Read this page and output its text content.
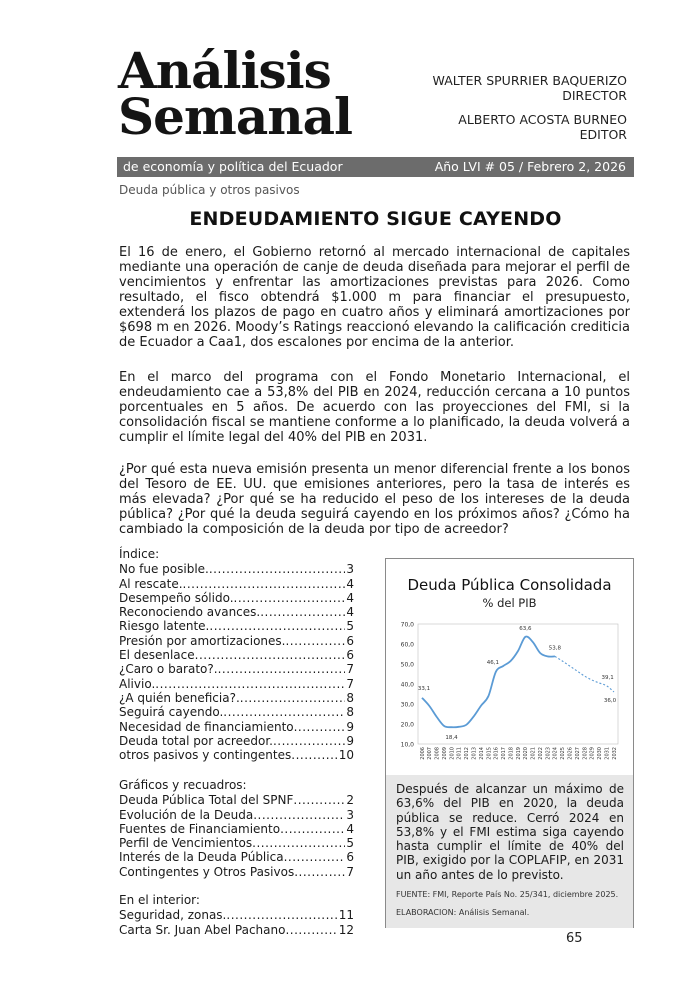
Análisis
Semanal
WALTER SPURRIER BAQUERIZO
DIRECTOR
ALBERTO ACOSTA BURNEO
EDITOR
de economía y política del Ecuador	Año LVI # 05 / Febrero 2, 2026
Deuda pública y otros pasivos
ENDEUDAMIENTO SIGUE CAYENDO

El 16 de enero, el Gobierno retornó al mercado internacional de capitales mediante una operación de canje de deuda diseñada para mejorar el perfil de vencimientos y enfrentar las amortizaciones previstas para 2026. Como resultado, el fisco obtendrá $1.000 m para financiar el presupuesto, extenderá los plazos de pago en cuatro años y eliminará amortizaciones por $698 m en 2026. Moody’s Ratings reaccionó elevando la calificación crediticia de Ecuador a Caa1, dos escalones por encima de la anterior.

En el marco del programa con el Fondo Monetario Internacional, el endeudamiento cae a 53,8% del PIB en 2024, reducción cercana a 10 puntos porcentuales en 5 años. De acuerdo con las proyecciones del FMI, si la consolidación fiscal se mantiene conforme a lo planificado, la deuda volverá a cumplir el límite legal del 40% del PIB en 2031.

¿Por qué esta nueva emisión presenta un menor diferencial frente a los bonos del Tesoro de EE. UU. que emisiones anteriores, pero la tasa de interés es más elevada? ¿Por qué se ha reducido el peso de los intereses de la deuda pública? ¿Por qué la deuda seguirá cayendo en los próximos años? ¿Cómo ha cambiado la composición de la deuda por tipo de acreedor?

Índice:
No fue posible. .....	3
Al rescate. .....	4
Desempeño sólido. .....	4
Reconociendo avances. .....	4
Riesgo latente. .....	5
Presión por amortizaciones. .....	6
El desenlace .....	6
¿Caro o barato?. .....	7
Alivio. .....	7
¿A quién beneficia?. .....	8
Seguirá cayendo. .....	8
Necesidad de financiamiento .....	9
Deuda total por acreedor. .....	9
otros pasivos y contingentes .....	10
Gráficos y recuadros:
Deuda Pública Total del SPNF .....	2
Evolución de la Deuda .....	3
Fuentes de Financiamiento .....	4
Perfil de Vencimientos .....	5
Interés de la Deuda Pública .....	6
Contingentes y Otros Pasivos .....	7
En el interior:
Seguridad, zonas. .....	11
Carta Sr. Juan Abel Pachano .....	12
Deuda Pública Consolidada
% del PIB
70,0
60,0
50,0
40,0
30,0
20,0
10,0
2006 2007 2008 2009 2010 2011 2012 2013 2014 2015 2016 2017 2018 2019 2020 2021 2022 2023 2024 2025 2026 2027 2028 2029 2030 2031 2032
33,1
18,4
46,1
63,6
53,8
39,1
36,0
Después de alcanzar un máximo de 63,6% del PIB en 2020, la deuda pública se reduce. Cerró 2024 en 53,8% y el FMI estima siga cayendo hasta cumplir el límite de 40% del PIB, exigido por la COPLAFIP, en 2031 un año antes de lo previsto.
FUENTE: FMI, Reporte País No. 25/341, diciembre 2025.
ELABORACION: Análisis Semanal.
65
